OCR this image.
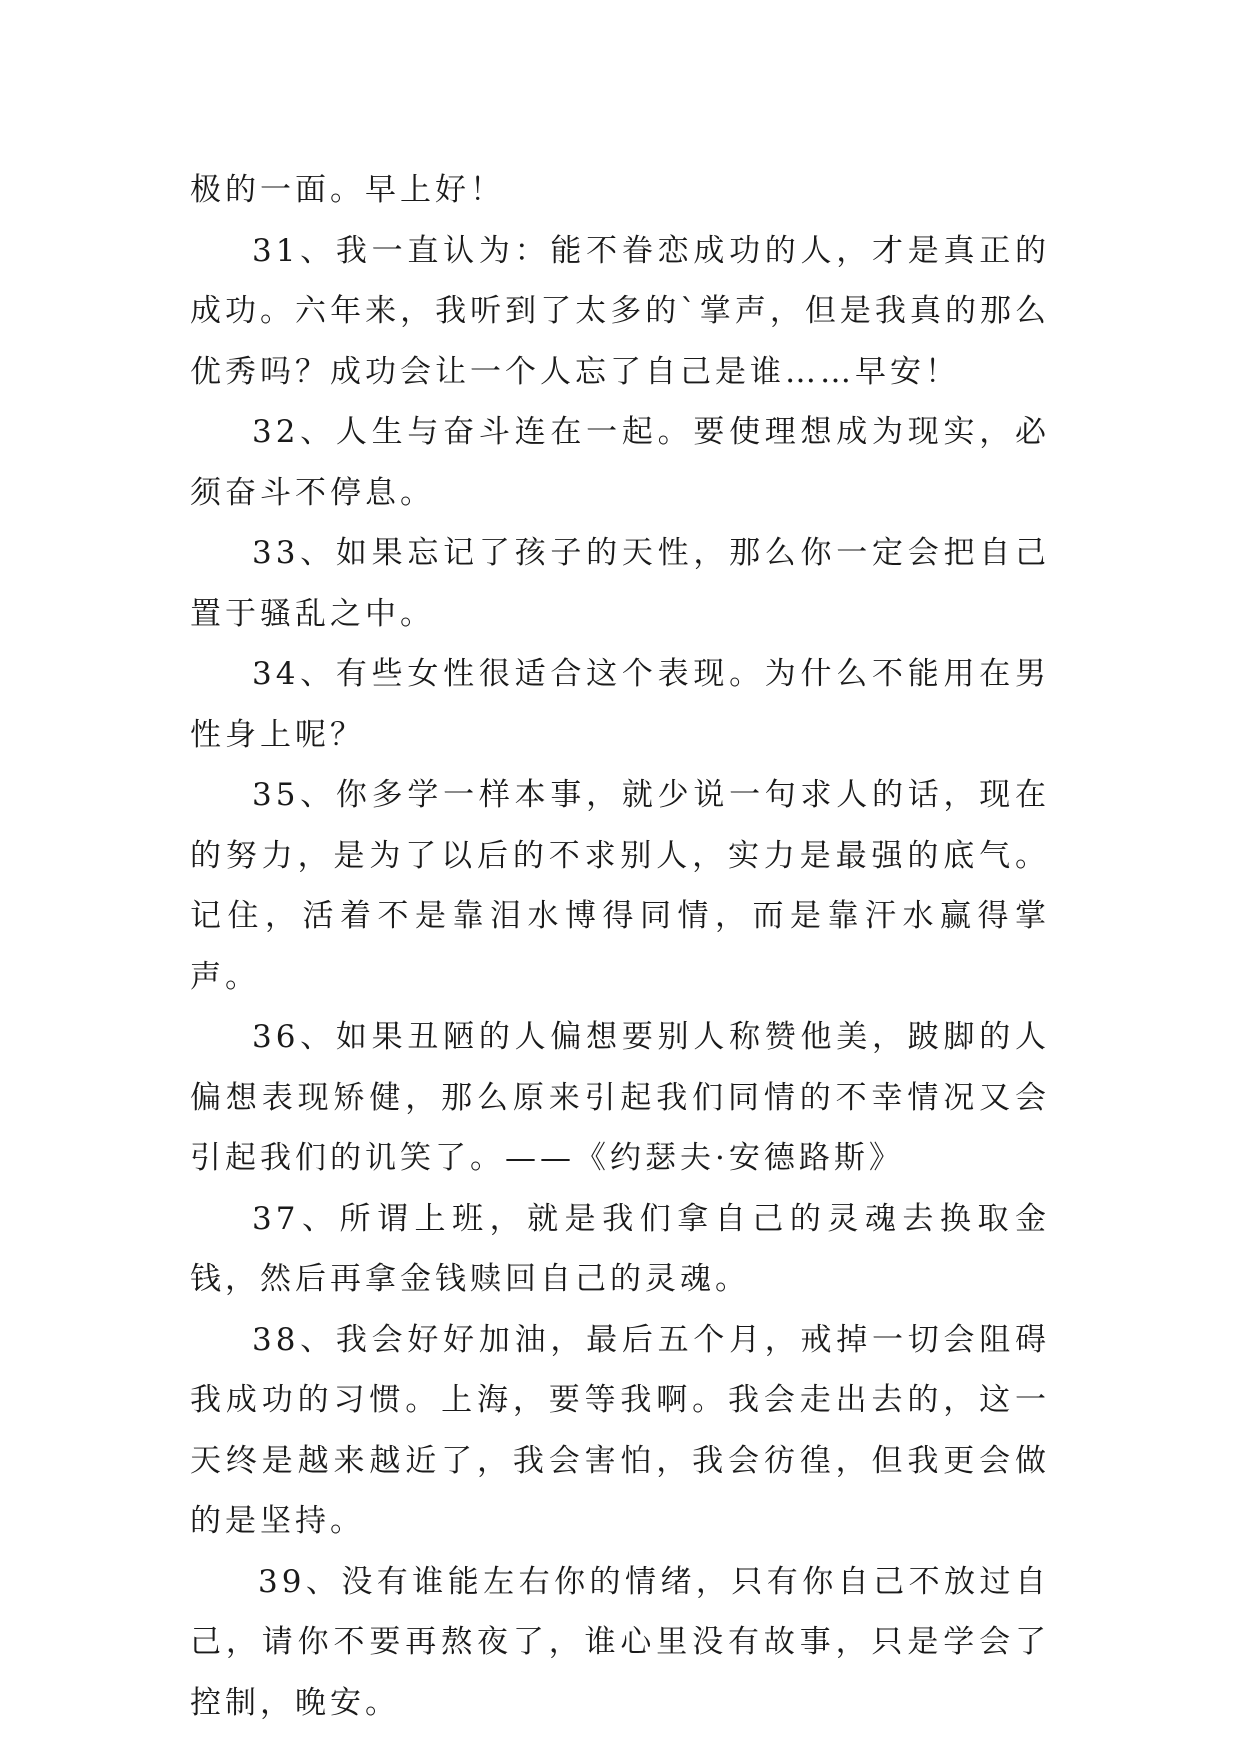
极的一面。早上好！

31、我一直认为：能不眷恋成功的人，才是真正的成功。六年来，我听到了太多的`掌声，但是我真的那么优秀吗？成功会让一个人忘了自己是谁……早安！

32、人生与奋斗连在一起。要使理想成为现实，必须奋斗不停息。

33、如果忘记了孩子的天性，那么你一定会把自己置于骚乱之中。

34、有些女性很适合这个表现。为什么不能用在男性身上呢？

35、你多学一样本事，就少说一句求人的话，现在的努力，是为了以后的不求别人，实力是最强的底气。记住，活着不是靠泪水博得同情，而是靠汗水赢得掌声。

36、如果丑陋的人偏想要别人称赞他美，跛脚的人偏想表现矫健，那么原来引起我们同情的不幸情况又会引起我们的讥笑了。——《约瑟夫·安德路斯》

37、所谓上班，就是我们拿自己的灵魂去换取金钱，然后再拿金钱赎回自己的灵魂。

38、我会好好加油，最后五个月，戒掉一切会阻碍我成功的习惯。上海，要等我啊。我会走出去的，这一天终是越来越近了，我会害怕，我会彷徨，但我更会做的是坚持。

39、没有谁能左右你的情绪，只有你自己不放过自己，请你不要再熬夜了，谁心里没有故事，只是学会了控制，晚安。
